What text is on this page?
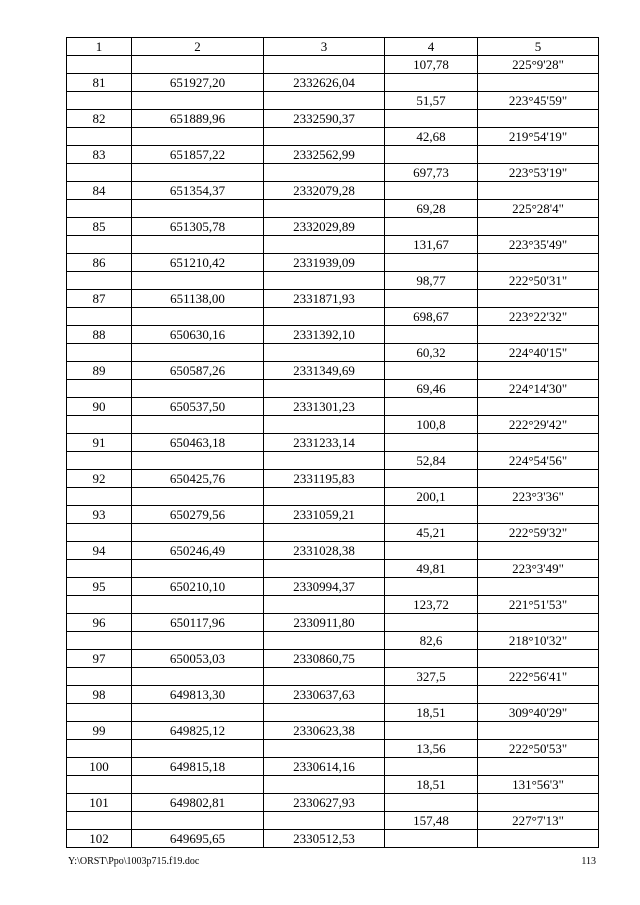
1	2	3	4	5
			107,78	225°9'28"
81	651927,20	2332626,04		
			51,57	223°45'59"
82	651889,96	2332590,37		
			42,68	219°54'19"
83	651857,22	2332562,99		
			697,73	223°53'19"
84	651354,37	2332079,28		
			69,28	225°28'4"
85	651305,78	2332029,89		
			131,67	223°35'49"
86	651210,42	2331939,09		
			98,77	222°50'31"
87	651138,00	2331871,93		
			698,67	223°22'32"
88	650630,16	2331392,10		
			60,32	224°40'15"
89	650587,26	2331349,69		
			69,46	224°14'30"
90	650537,50	2331301,23		
			100,8	222°29'42"
91	650463,18	2331233,14		
			52,84	224°54'56"
92	650425,76	2331195,83		
			200,1	223°3'36"
93	650279,56	2331059,21		
			45,21	222°59'32"
94	650246,49	2331028,38		
			49,81	223°3'49"
95	650210,10	2330994,37		
			123,72	221°51'53"
96	650117,96	2330911,80		
			82,6	218°10'32"
97	650053,03	2330860,75		
			327,5	222°56'41"
98	649813,30	2330637,63		
			18,51	309°40'29"
99	649825,12	2330623,38		
			13,56	222°50'53"
100	649815,18	2330614,16		
			18,51	131°56'3"
101	649802,81	2330627,93		
			157,48	227°7'13"
102	649695,65	2330512,53		
Y:\ORST\Ppo\1003p715.f19.doc	113
